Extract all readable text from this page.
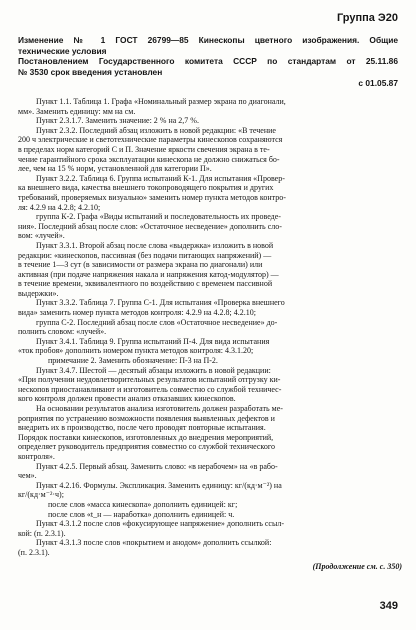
Группа Э20
Изменение № 1 ГОСТ 26799—85 Кинескопы цветного изображения. Общие
технические условия
Постановлением Государственного комитета СССР по стандартам от 25.11.86
№ 3530 срок введения установлен
с 01.05.87
Пункт 1.1. Таблица 1. Графа «Номинальный размер экрана по диагонали,
мм». Заменить единицу: мм на см.
Пункт 2.3.1.7. Заменить значение: 2 % на 2,7 %.
Пункт 2.3.2. Последний абзац изложить в новой редакции: «В течение
200 ч электрические и светотехнические параметры кинескопов сохраняются
в пределах норм категорий С и П. Значение яркости свечения экрана в те-
чение гарантийного срока эксплуатации кинескопа не должно снижаться бо-
лее, чем на 15 % норм, установленной для категории П».
Пункт 3.2.2. Таблица 6. Группа испытаний К-1. Для испытания «Провер-
ка внешнего вида, качества внешнего токопроводящего покрытия и других
требований, проверяемых визуально» заменить номер пункта методов контро-
ля: 4.2.9 на 4.2.8; 4.2.10;
группа К-2. Графа «Виды испытаний и последовательность их проведе-
ния». Последний абзац после слов: «Остаточное несведение» дополнить сло-
вом: «лучей».
Пункт 3.3.1. Второй абзац после слова «выдержка» изложить в новой
редакции: «кинескопов, пассивная (без подачи питающих напряжений) —
в течение 1—3 сут (в зависимости от размера экрана по диагонали) или
активная (при подаче напряжения накала и напряжения катод-модулятор) —
в течение времени, эквивалентного по воздействию с временем пассивной
выдержки».
Пункт 3.3.2. Таблица 7. Группа С-1. Для испытания «Проверка внешнего
вида» заменить номер пункта методов контроля: 4.2.9 на 4.2.8; 4.2.10;
группа С-2. Последний абзац после слов «Остаточное несведение» до-
полнить словом: «лучей».
Пункт 3.4.1. Таблица 9. Группа испытаний П-4. Для вида испытания
«ток пробоя» дополнить номером пункта методов контроля: 4.3.1.20;
примечание 2. Заменить обозначение: П-3 на П-2.
Пункт 3.4.7. Шестой — десятый абзацы изложить в новой редакции:
«При получении неудовлетворительных результатов испытаний отгрузку ки-
нескопов приостанавливают и изготовитель совместно со службой техничес-
кого контроля должен провести анализ отказавших кинескопов.
На основании результатов анализа изготовитель должен разработать ме-
роприятия по устранению возможности появления выявленных дефектов и
внедрить их в производство, после чего проводят повторные испытания.
Порядок поставки кинескопов, изготовленных до внедрения мероприятий,
определяет руководитель предприятия совместно со службой технического
контроля».
Пункт 4.2.5. Первый абзац. Заменить слово: «в нерабочем» на «в рабо-
чем».
Пункт 4.2.16. Формулы. Экспликация. Заменить единицу: кг/(кд·м⁻²) на
кг/(кд·м⁻²·ч);
после слов «масса кинескопа» дополнить единицей: кг;
после слов «t_н — наработка» дополнить единицей: ч.
Пункт 4.3.1.2 после слов «фокусирующее напряжение» дополнить ссыл-
кой: (п. 2.3.1).
Пункт 4.3.1.3 после слов «покрытием и анодом» дополнить ссылкой:
(п. 2.3.1).
(Продолжение см. с. 350)
349
